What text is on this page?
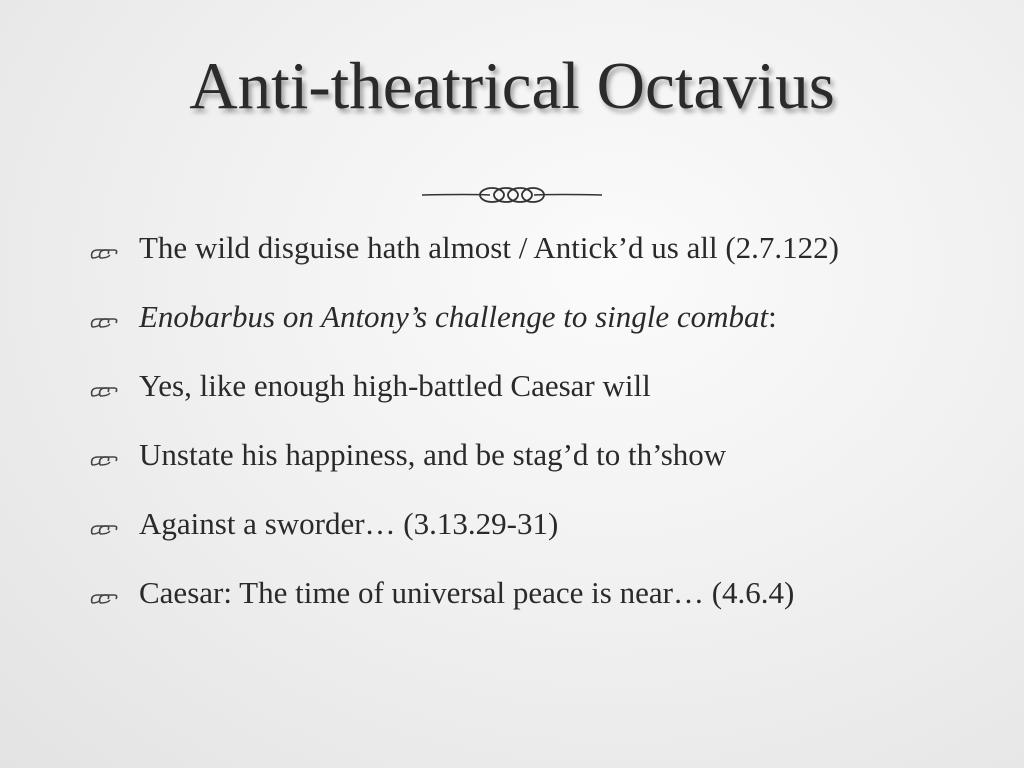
Anti-theatrical Octavius
The wild disguise hath almost / Antick’d us all (2.7.122)
Enobarbus on Antony’s challenge to single combat:
Yes, like enough high-battled Caesar will
Unstate his happiness, and be stag’d to th’show
Against a sworder… (3.13.29-31)
Caesar: The time of universal peace is near… (4.6.4)
